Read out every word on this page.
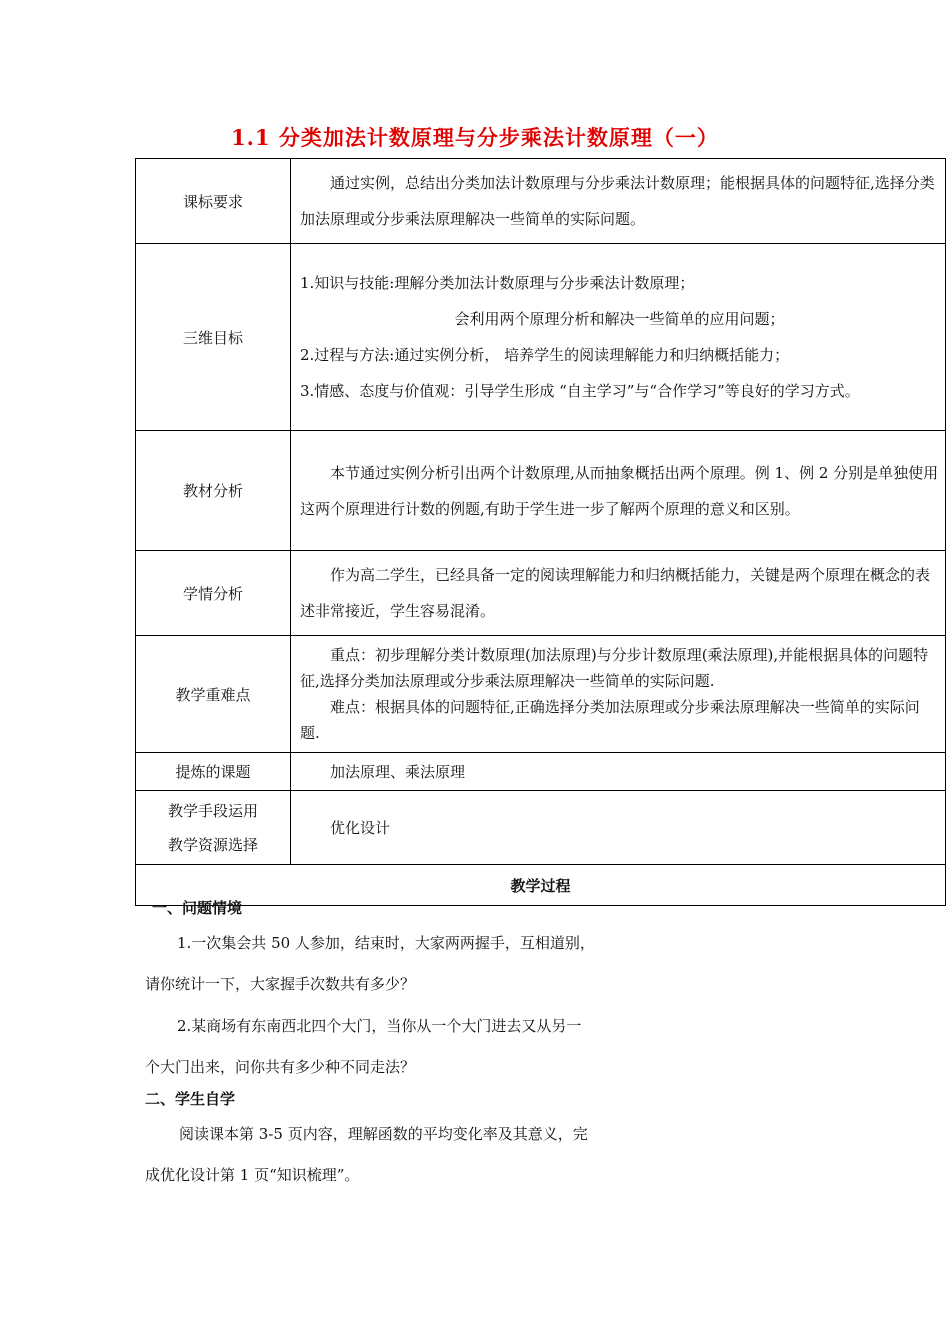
1.1 分类加法计数原理与分步乘法计数原理（一）
课标要求	通过实例，总结出分类加法计数原理与分步乘法计数原理；能根据具体的问题特征,选择分类加法原理或分步乘法原理解决一些简单的实际问题。
三维目标	1.知识与技能:理解分类加法计数原理与分步乘法计数原理；
会利用两个原理分析和解决一些简单的应用问题；
2.过程与方法:通过实例分析， 培养学生的阅读理解能力和归纳概括能力；
3.情感、态度与价值观：引导学生形成 “自主学习”与“合作学习”等良好的学习方式。

教材分析	本节通过实例分析引出两个计数原理,从而抽象概括出两个原理。例 1、例 2 分别是单独使用这两个原理进行计数的例题,有助于学生进一步了解两个原理的意义和区别。
学情分析	作为高二学生，已经具备一定的阅读理解能力和归纳概括能力，关键是两个原理在概念的表述非常接近，学生容易混淆。
教学重难点	重点：初步理解分类计数原理(加法原理)与分步计数原理(乘法原理),并能根据具体的问题特征,选择分类加法原理或分步乘法原理解决一些简单的实际问题.
难点：根据具体的问题特征,正确选择分类加法原理或分步乘法原理解决一些简单的实际问题.

提炼的课题	加法原理、乘法原理

教学手段运用
教学资源选择	优化设计
教学过程	
一、问题情境
1.一次集会共 50 人参加，结束时，大家两两握手，互相道别，
请你统计一下，大家握手次数共有多少？
2.某商场有东南西北四个大门，当你从一个大门进去又从另一
个大门出来，问你共有多少种不同走法？
二、学生自学
阅读课本第 3-5 页内容，理解函数的平均变化率及其意义，完
成优化设计第 1 页“知识梳理”。
